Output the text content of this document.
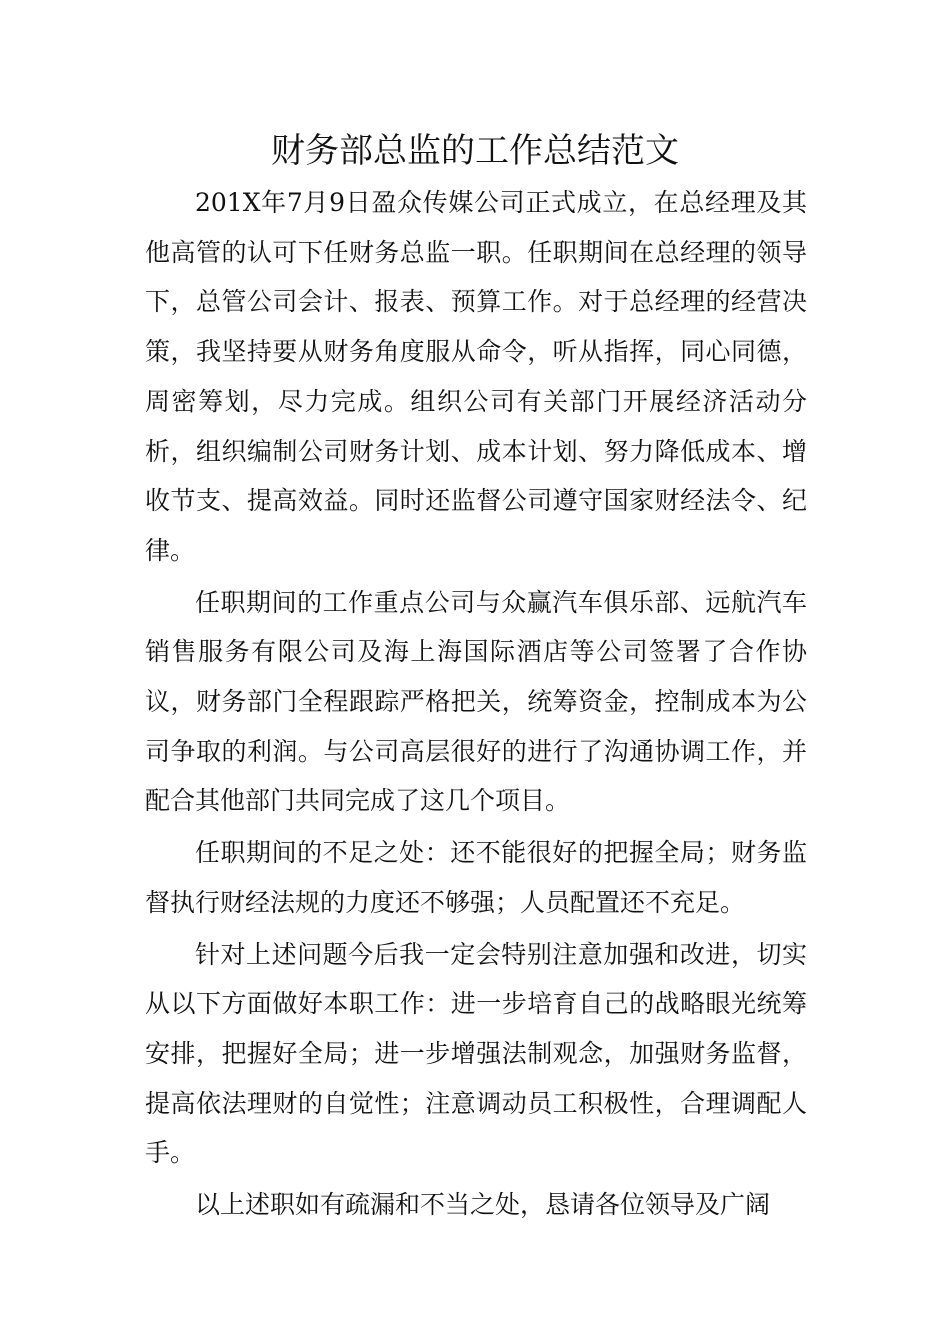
财务部总监的工作总结范文

201X年7月9日盈众传媒公司正式成立，在总经理及其他高管的认可下任财务总监一职。任职期间在总经理的领导下，总管公司会计、报表、预算工作。对于总经理的经营决策，我坚持要从财务角度服从命令，听从指挥，同心同德，周密筹划，尽力完成。组织公司有关部门开展经济活动分析，组织编制公司财务计划、成本计划、努力降低成本、增收节支、提高效益。同时还监督公司遵守国家财经法令、纪律。

任职期间的工作重点公司与众赢汽车俱乐部、远航汽车销售服务有限公司及海上海国际酒店等公司签署了合作协议，财务部门全程跟踪严格把关，统筹资金，控制成本为公司争取的利润。与公司高层很好的进行了沟通协调工作，并配合其他部门共同完成了这几个项目。

任职期间的不足之处：还不能很好的把握全局；财务监督执行财经法规的力度还不够强；人员配置还不充足。

针对上述问题今后我一定会特别注意加强和改进，切实从以下方面做好本职工作：进一步培育自己的战略眼光统筹安排，把握好全局；进一步增强法制观念，加强财务监督，提高依法理财的自觉性；注意调动员工积极性，合理调配人手。

以上述职如有疏漏和不当之处，恳请各位领导及广阔
